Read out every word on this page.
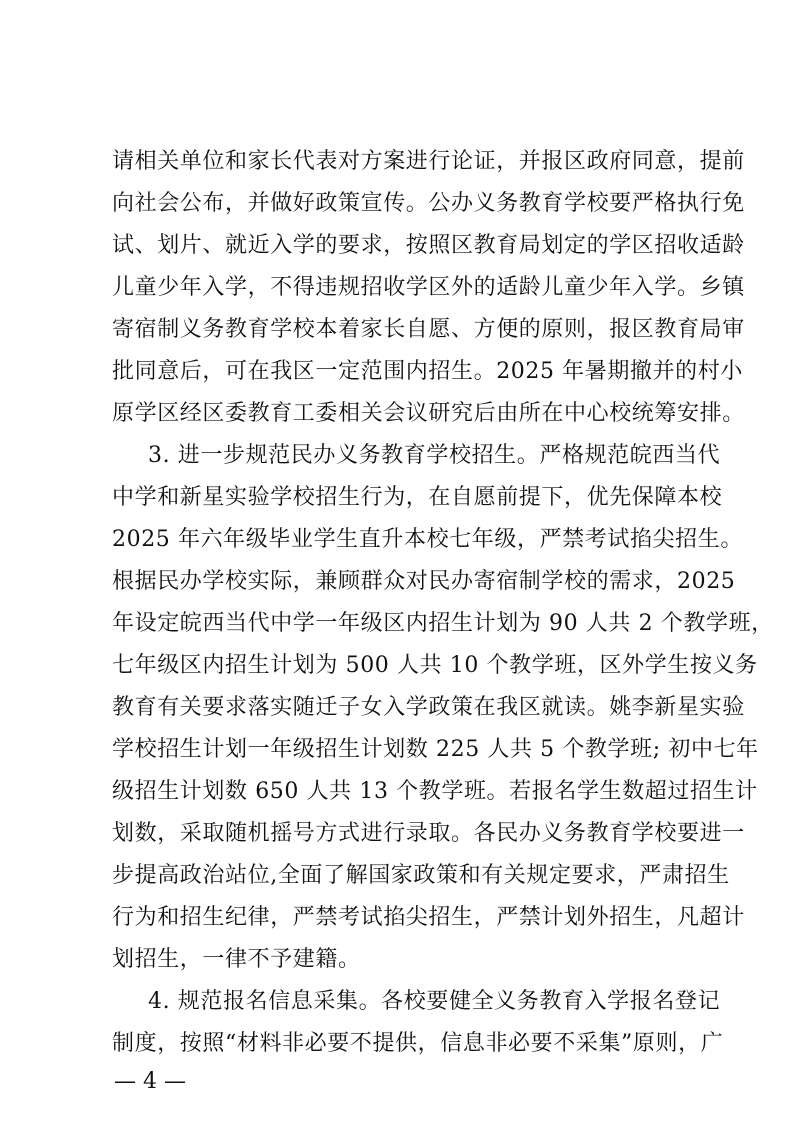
请相关单位和家长代表对方案进行论证，并报区政府同意，提前
向社会公布，并做好政策宣传。公办义务教育学校要严格执行免
试、划片、就近入学的要求，按照区教育局划定的学区招收适龄
儿童少年入学，不得违规招收学区外的适龄儿童少年入学。乡镇
寄宿制义务教育学校本着家长自愿、方便的原则，报区教育局审
批同意后，可在我区一定范围内招生。2025 年暑期撤并的村小
原学区经区委教育工委相关会议研究后由所在中心校统筹安排。
3. 进一步规范民办义务教育学校招生。严格规范皖西当代
中学和新星实验学校招生行为，在自愿前提下，优先保障本校
2025 年六年级毕业学生直升本校七年级，严禁考试掐尖招生。
根据民办学校实际，兼顾群众对民办寄宿制学校的需求，2025
年设定皖西当代中学一年级区内招生计划为 90 人共 2 个教学班，
七年级区内招生计划为 500 人共 10 个教学班，区外学生按义务
教育有关要求落实随迁子女入学政策在我区就读。姚李新星实验
学校招生计划一年级招生计划数 225 人共 5 个教学班; 初中七年
级招生计划数 650 人共 13 个教学班。若报名学生数超过招生计
划数，采取随机摇号方式进行录取。各民办义务教育学校要进一
步提高政治站位,全面了解国家政策和有关规定要求，严肃招生
行为和招生纪律，严禁考试掐尖招生，严禁计划外招生，凡超计
划招生，一律不予建籍。
4. 规范报名信息采集。各校要健全义务教育入学报名登记
制度，按照“材料非必要不提供，信息非必要不采集”原则，广
— 4 —
